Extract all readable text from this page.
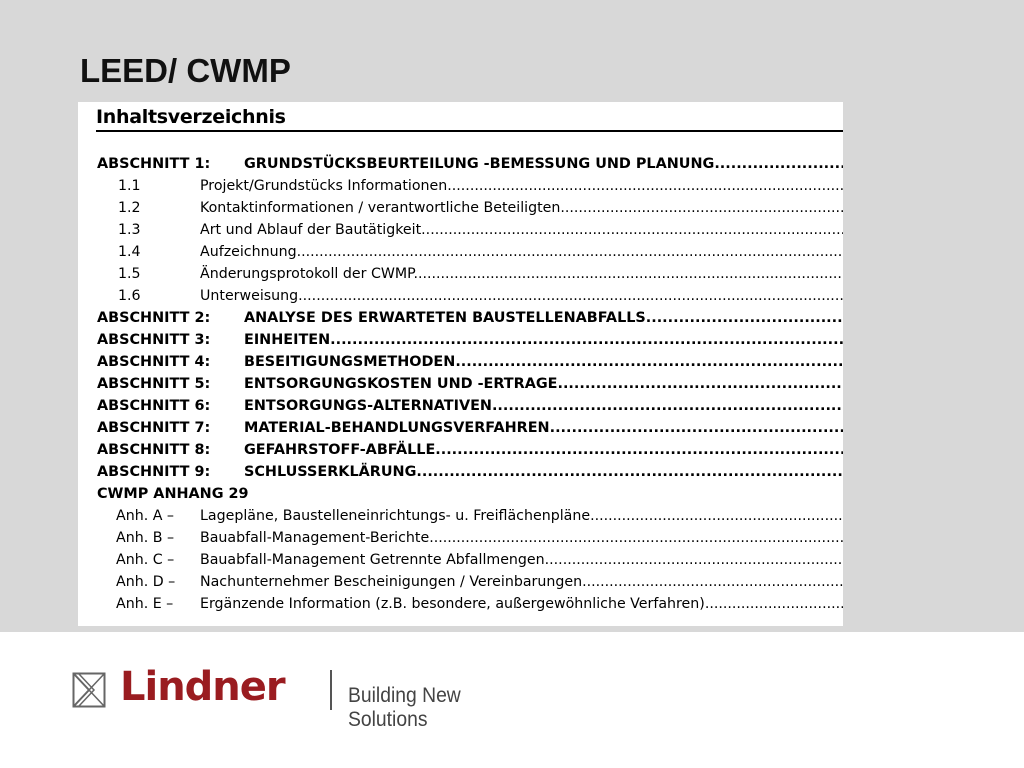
LEED/ CWMP
Inhaltsverzeichnis
ABSCHNITT 1: GRUNDSTÜCKSBEURTEILUNG -BEMESSUNG UND PLANUNG .....
1.1	Projekt/Grundstücks Informationen .....
1.2	Kontaktinformationen / verantwortliche Beteiligten .....
1.3	Art und Ablauf der Bautätigkeit .....
1.4	Aufzeichnung .....
1.5	Änderungsprotokoll der CWMP .....
1.6	Unterweisung .....
ABSCHNITT 2: ANALYSE DES ERWARTETEN BAUSTELLENABFALLS .....
ABSCHNITT 3: EINHEITEN .....
ABSCHNITT 4: BESEITIGUNGSMETHODEN .....
ABSCHNITT 5: ENTSORGUNGSKOSTEN UND -ERTRAGE .....
ABSCHNITT 6: ENTSORGUNGS-ALTERNATIVEN .....
ABSCHNITT 7: MATERIAL-BEHANDLUNGSVERFAHREN .....
ABSCHNITT 8: GEFAHRSTOFF-ABFÄLLE .....
ABSCHNITT 9: SCHLUSSERKLÄRUNG .....
CWMP ANHANG 29
Anh. A – Lagepläne, Baustelleneinrichtungs- u. Freiflächenpläne .....
Anh. B – Bauabfall-Management-Berichte .....
Anh. C – Bauabfall-Management Getrennte Abfallmengen .....
Anh. D – Nachunternehmer Bescheinigungen / Vereinbarungen .....
Anh. E – Ergänzende Information (z.B. besondere, außergewöhnliche Verfahren) .....
Lindner	Building New Solutions
